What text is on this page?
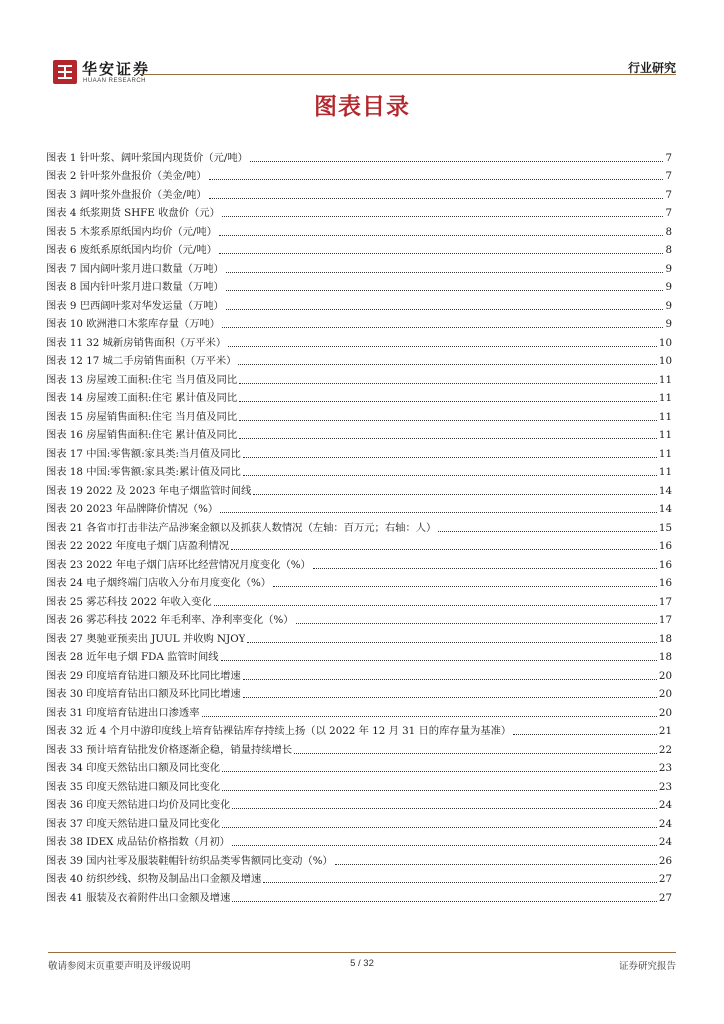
华安证券
HUAAN RESEARCH
行业研究
图表目录
图表 1 针叶浆、阔叶浆国内现货价（元/吨）	7
图表 2 针叶浆外盘报价（美金/吨）	7
图表 3 阔叶浆外盘报价（美金/吨）	7
图表 4 纸浆期货 SHFE 收盘价（元）	7
图表 5 木浆系原纸国内均价（元/吨）	8
图表 6 废纸系原纸国内均价（元/吨）	8
图表 7 国内阔叶浆月进口数量（万吨）	9
图表 8 国内针叶浆月进口数量（万吨）	9
图表 9 巴西阔叶浆对华发运量（万吨）	9
图表 10 欧洲港口木浆库存量（万吨）	9
图表 11 32 城新房销售面积（万平米）	10
图表 12 17 城二手房销售面积（万平米）	10
图表 13 房屋竣工面积:住宅 当月值及同比	11
图表 14 房屋竣工面积:住宅 累计值及同比	11
图表 15 房屋销售面积:住宅 当月值及同比	11
图表 16 房屋销售面积:住宅 累计值及同比	11
图表 17 中国:零售额:家具类:当月值及同比	11
图表 18 中国:零售额:家具类:累计值及同比	11
图表 19 2022 及 2023 年电子烟监管时间线	14
图表 20 2023 年品牌降价情况（%）	14
图表 21 各省市打击非法产品涉案金额以及抓获人数情况（左轴：百万元；右轴：人）	15
图表 22 2022 年度电子烟门店盈利情况	16
图表 23 2022 年电子烟门店环比经营情况月度变化（%）	16
图表 24 电子烟终端门店收入分布月度变化（%）	16
图表 25 雾芯科技 2022 年收入变化	17
图表 26 雾芯科技 2022 年毛利率、净利率变化（%）	17
图表 27 奥驰亚预卖出 JUUL 并收购 NJOY	18
图表 28 近年电子烟 FDA 监管时间线	18
图表 29 印度培育钻进口额及环比同比增速	20
图表 30 印度培育钻出口额及环比同比增速	20
图表 31 印度培育钻进出口渗透率	20
图表 32 近 4 个月中游印度线上培育钻裸钻库存持续上扬（以 2022 年 12 月 31 日的库存量为基准）	21
图表 33 预计培育钻批发价格逐渐企稳，销量持续增长	22
图表 34 印度天然钻出口额及同比变化	23
图表 35 印度天然钻进口额及同比变化	23
图表 36 印度天然钻进口均价及同比变化	24
图表 37 印度天然钻进口量及同比变化	24
图表 38 IDEX 成品钻价格指数（月初）	24
图表 39 国内社零及服装鞋帽针纺织品类零售额同比变动（%）	26
图表 40 纺织纱线、织物及制品出口金额及增速	27
图表 41 服装及衣着附件出口金额及增速	27
敬请参阅末页重要声明及评级说明	5 / 32	证券研究报告
